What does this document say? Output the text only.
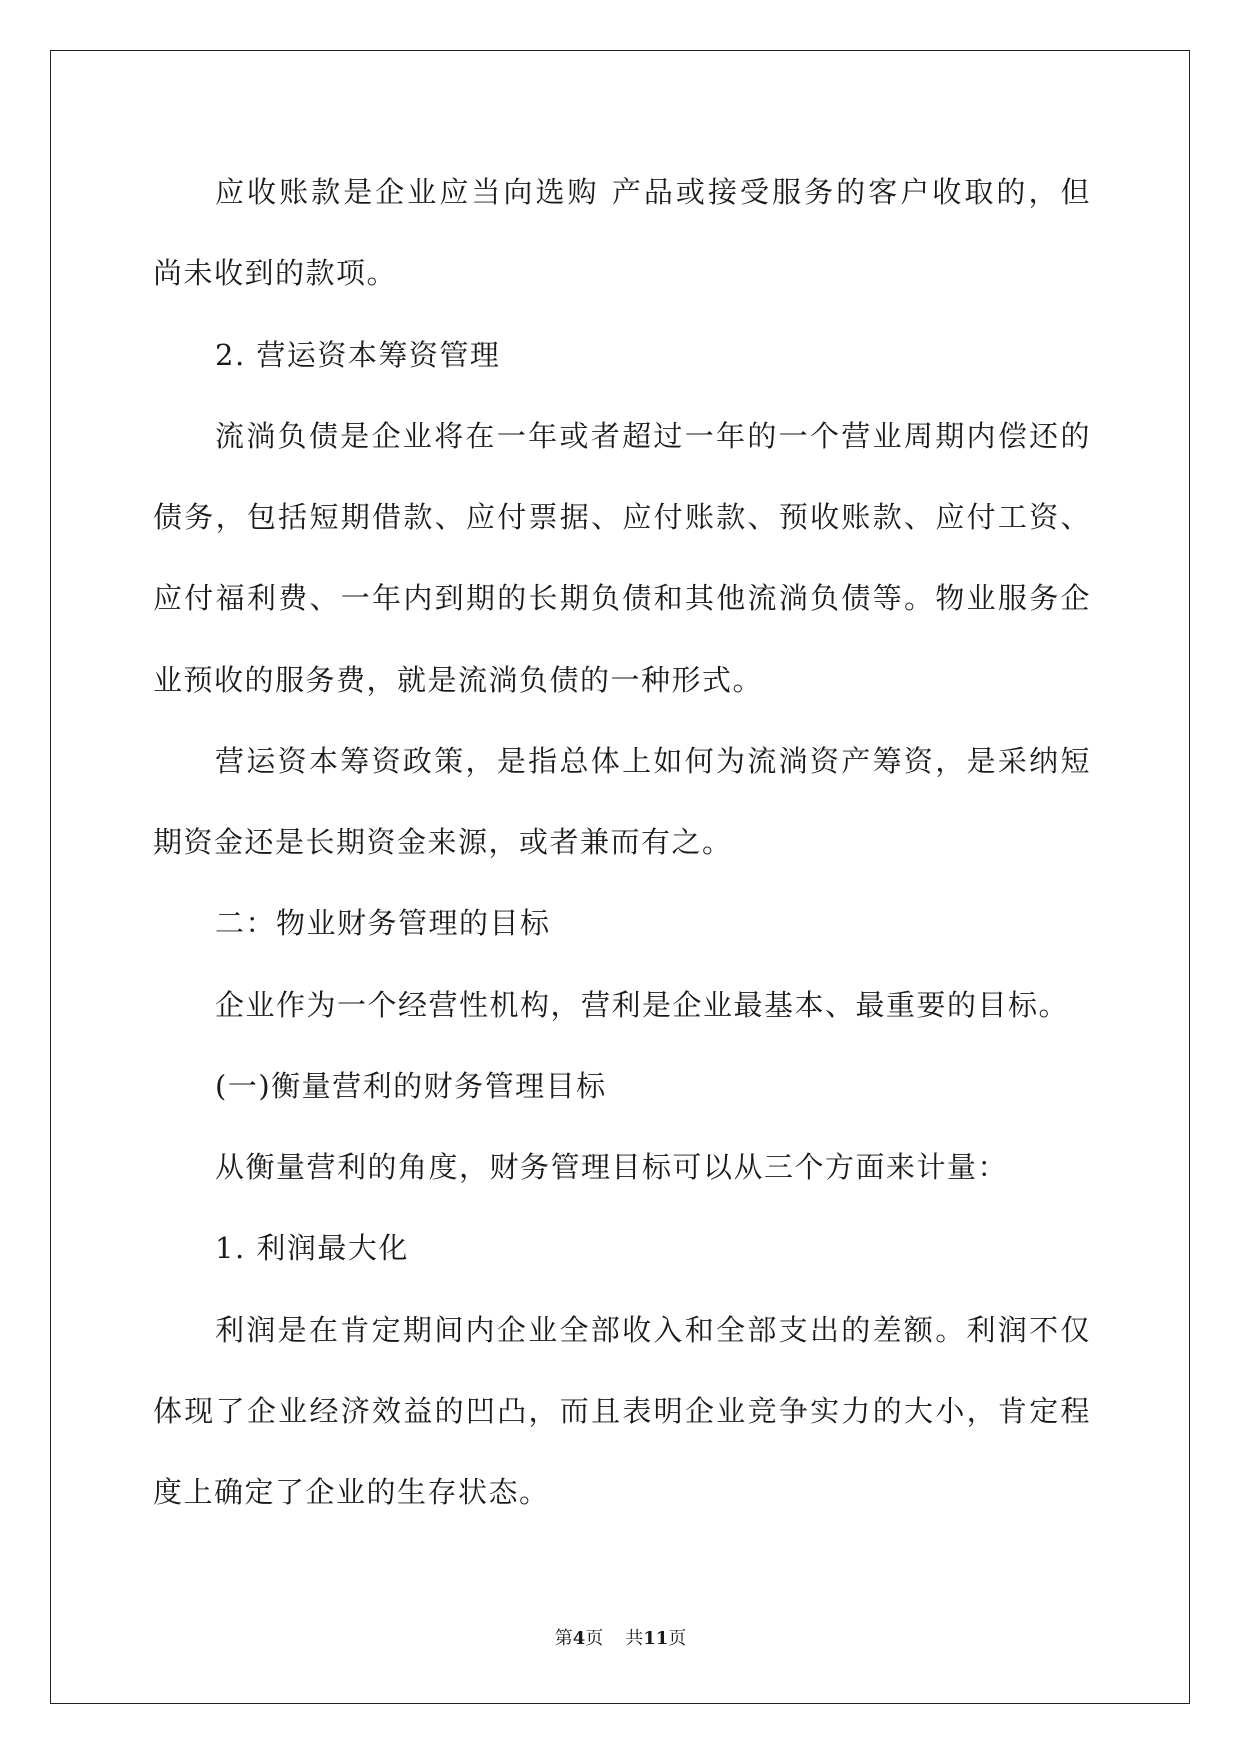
应收账款是企业应当向选购 产品或接受服务的客户收取的，但
尚未收到的款项。
2. 营运资本筹资管理
流淌负债是企业将在一年或者超过一年的一个营业周期内偿还的
债务，包括短期借款、应付票据、应付账款、预收账款、应付工资、
应付福利费、一年内到期的长期负债和其他流淌负债等。物业服务企
业预收的服务费，就是流淌负债的一种形式。
营运资本筹资政策，是指总体上如何为流淌资产筹资，是采纳短
期资金还是长期资金来源，或者兼而有之。
二：物业财务管理的目标
企业作为一个经营性机构，营利是企业最基本、最重要的目标。
(一)衡量营利的财务管理目标
从衡量营利的角度，财务管理目标可以从三个方面来计量：
1. 利润最大化
利润是在肯定期间内企业全部收入和全部支出的差额。利润不仅
体现了企业经济效益的凹凸，而且表明企业竞争实力的大小，肯定程
度上确定了企业的生存状态。
第4页 共11页
